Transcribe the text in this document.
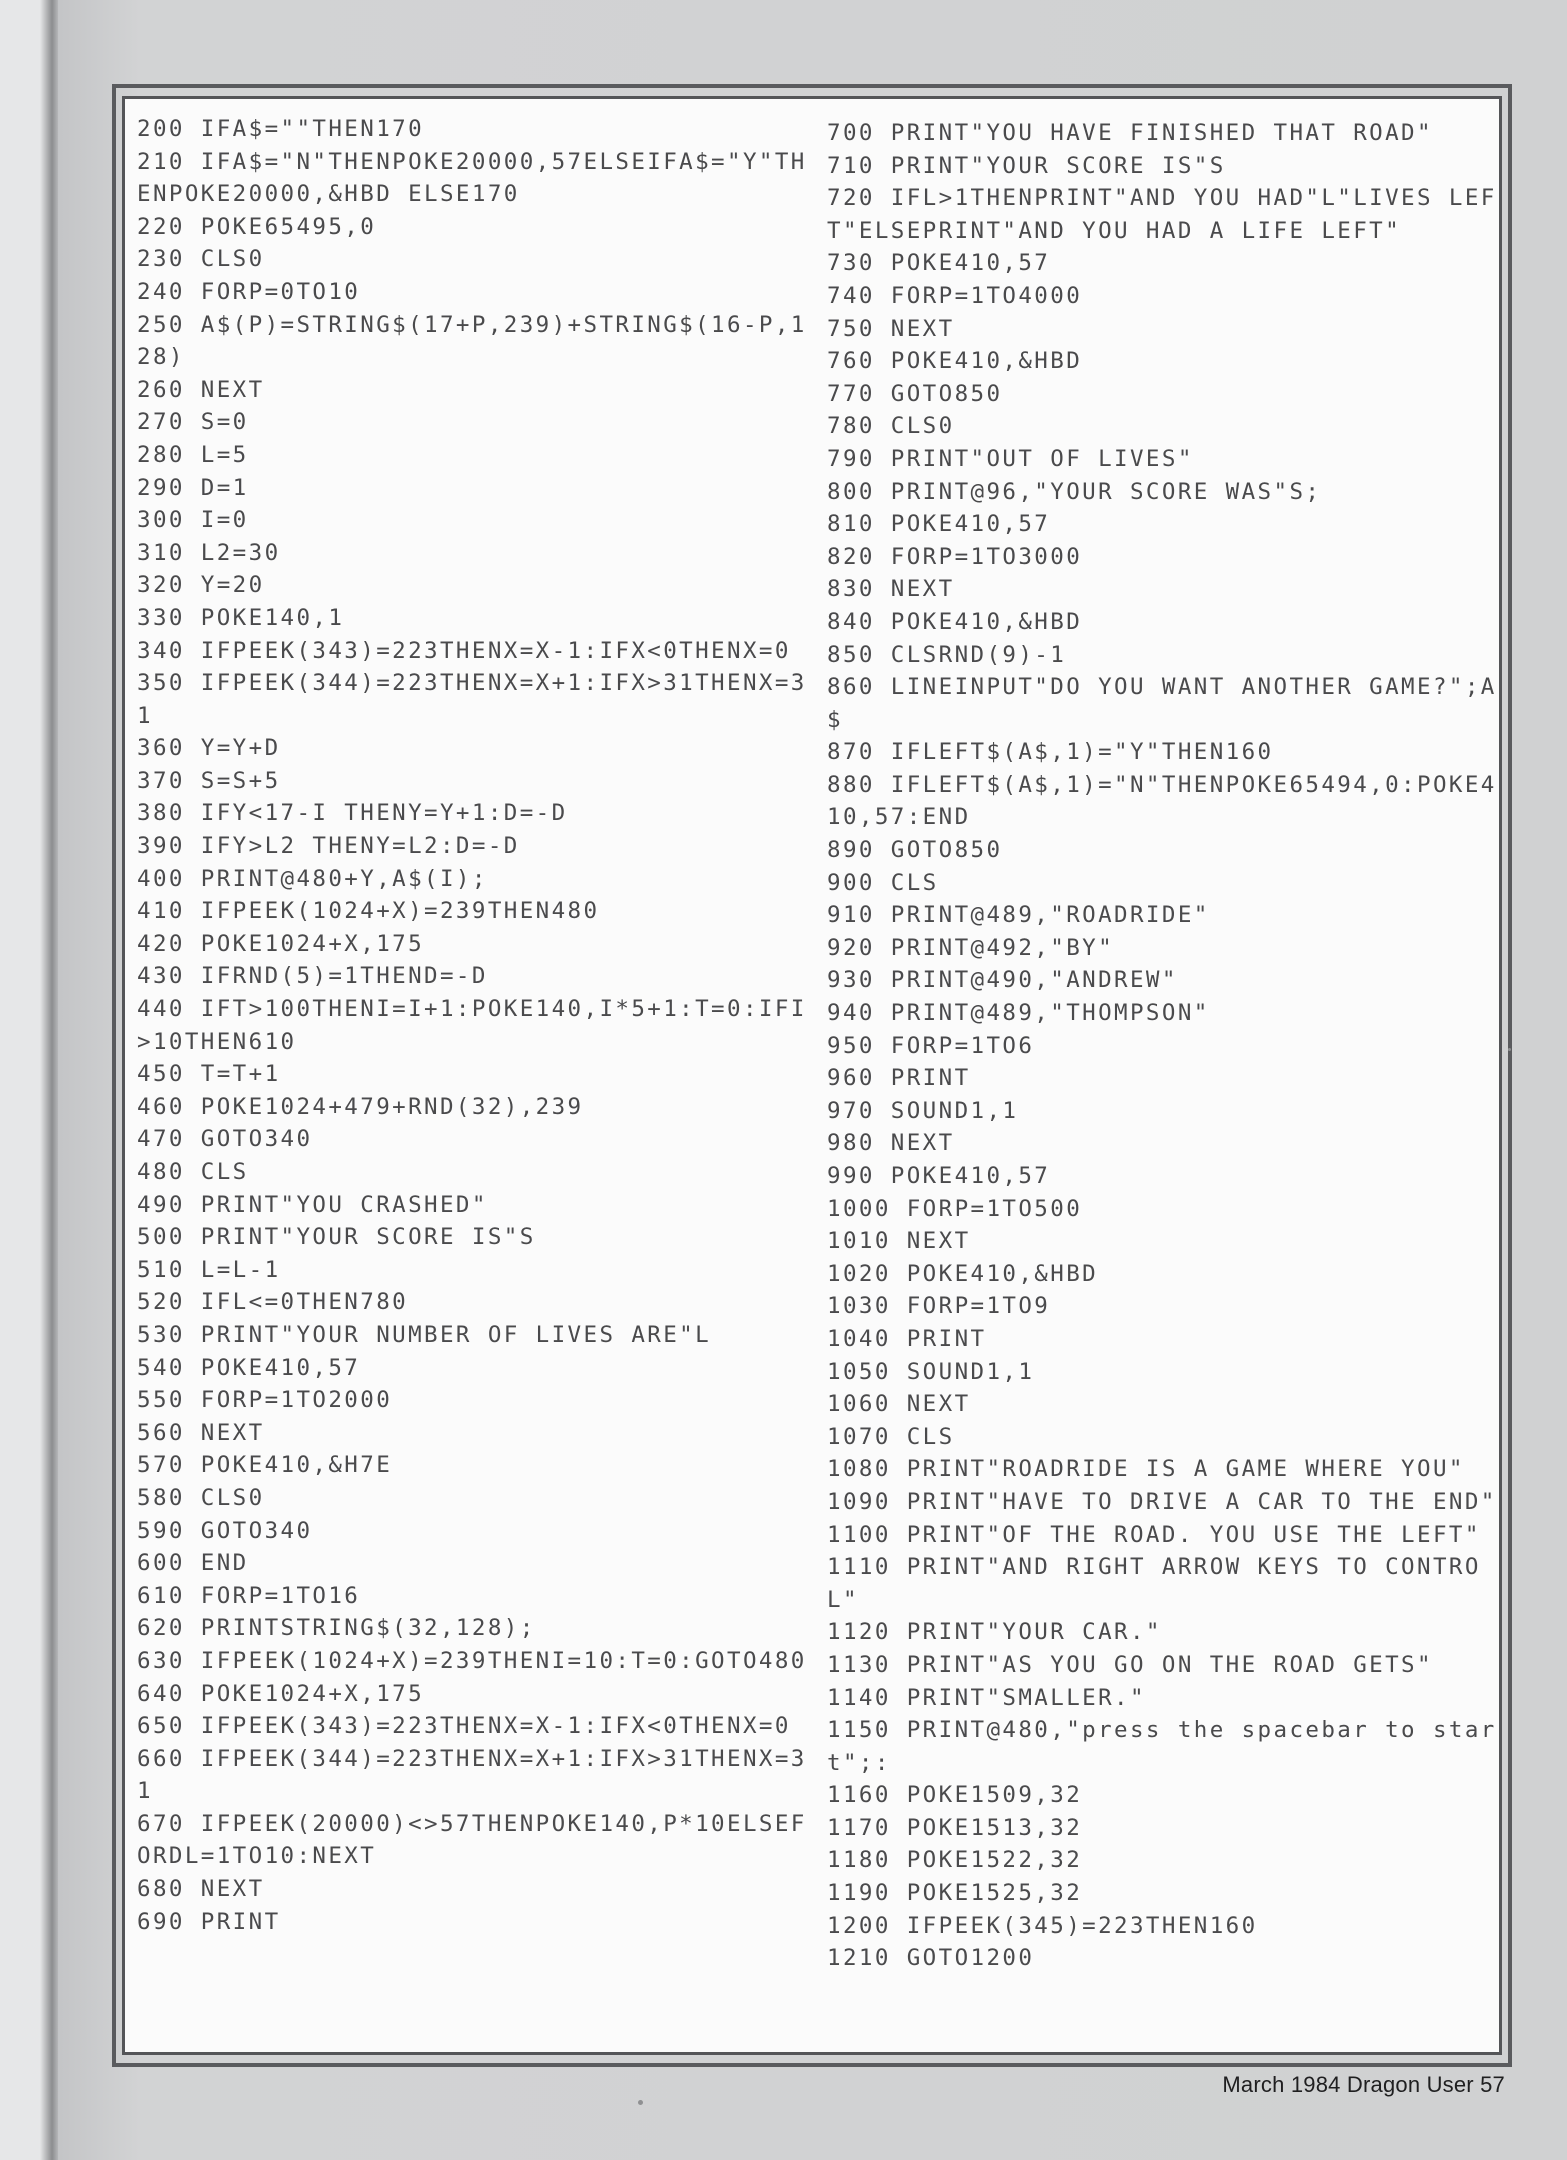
200 IFA$=""THEN170
210 IFA$="N"THENPOKE20000,57ELSEIFA$="Y"THENPOKE20000,&HBD ELSE170
220 POKE65495,0
230 CLS0
240 FORP=0TO10
250 A$(P)=STRING$(17+P,239)+STRING$(16-P,128)
260 NEXT
270 S=0
280 L=5
290 D=1
300 I=0
310 L2=30
320 Y=20
330 POKE140,1
340 IFPEEK(343)=223THENX=X-1:IFX<0THENX=0
350 IFPEEK(344)=223THENX=X+1:IFX>31THENX=31
360 Y=Y+D
370 S=S+5
380 IFY<17-I THENY=Y+1:D=-D
390 IFY>L2 THENY=L2:D=-D
400 PRINT@480+Y,A$(I);
410 IFPEEK(1024+X)=239THEN480
420 POKE1024+X,175
430 IFRND(5)=1THEND=-D
440 IFT>100THENI=I+1:POKE140,I*5+1:T=0:IFI>10THEN610
450 T=T+1
460 POKE1024+479+RND(32),239
470 GOTO340
480 CLS
490 PRINT"YOU CRASHED"
500 PRINT"YOUR SCORE IS"S
510 L=L-1
520 IFL<=0THEN780
530 PRINT"YOUR NUMBER OF LIVES ARE"L
540 POKE410,57
550 FORP=1TO2000
560 NEXT
570 POKE410,&H7E
580 CLS0
590 GOTO340
600 END
610 FORP=1TO16
620 PRINTSTRING$(32,128);
630 IFPEEK(1024+X)=239THENI=10:T=0:GOTO480
640 POKE1024+X,175
650 IFPEEK(343)=223THENX=X-1:IFX<0THENX=0
660 IFPEEK(344)=223THENX=X+1:IFX>31THENX=31
670 IFPEEK(20000)<>57THENPOKE140,P*10ELSEFORDL=1TO10:NEXT
680 NEXT
690 PRINT
700 PRINT"YOU HAVE FINISHED THAT ROAD"
710 PRINT"YOUR SCORE IS"S
720 IFL>1THENPRINT"AND YOU HAD"L"LIVES LEFT"ELSEPRINT"AND YOU HAD A LIFE LEFT"
730 POKE410,57
740 FORP=1TO4000
750 NEXT
760 POKE410,&HBD
770 GOTO850
780 CLS0
790 PRINT"OUT OF LIVES"
800 PRINT@96,"YOUR SCORE WAS"S;
810 POKE410,57
820 FORP=1TO3000
830 NEXT
840 POKE410,&HBD
850 CLSRND(9)-1
860 LINEINPUT"DO YOU WANT ANOTHER GAME?";A$
870 IFLEFT$(A$,1)="Y"THEN160
880 IFLEFT$(A$,1)="N"THENPOKE65494,0:POKE410,57:END
890 GOTO850
900 CLS
910 PRINT@489,"ROADRIDE"
920 PRINT@492,"BY"
930 PRINT@490,"ANDREW"
940 PRINT@489,"THOMPSON"
950 FORP=1TO6
960 PRINT
970 SOUND1,1
980 NEXT
990 POKE410,57
1000 FORP=1TO500
1010 NEXT
1020 POKE410,&HBD
1030 FORP=1TO9
1040 PRINT
1050 SOUND1,1
1060 NEXT
1070 CLS
1080 PRINT"ROADRIDE IS A GAME WHERE YOU"
1090 PRINT"HAVE TO DRIVE A CAR TO THE END"
1100 PRINT"OF THE ROAD. YOU USE THE LEFT"
1110 PRINT"AND RIGHT ARROW KEYS TO CONTROL"
1120 PRINT"YOUR CAR."
1130 PRINT"AS YOU GO ON THE ROAD GETS"
1140 PRINT"SMALLER."
1150 PRINT@480,"press the spacebar to start";:
1160 POKE1509,32
1170 POKE1513,32
1180 POKE1522,32
1190 POKE1525,32
1200 IFPEEK(345)=223THEN160
1210 GOTO1200
March 1984 Dragon User 57
